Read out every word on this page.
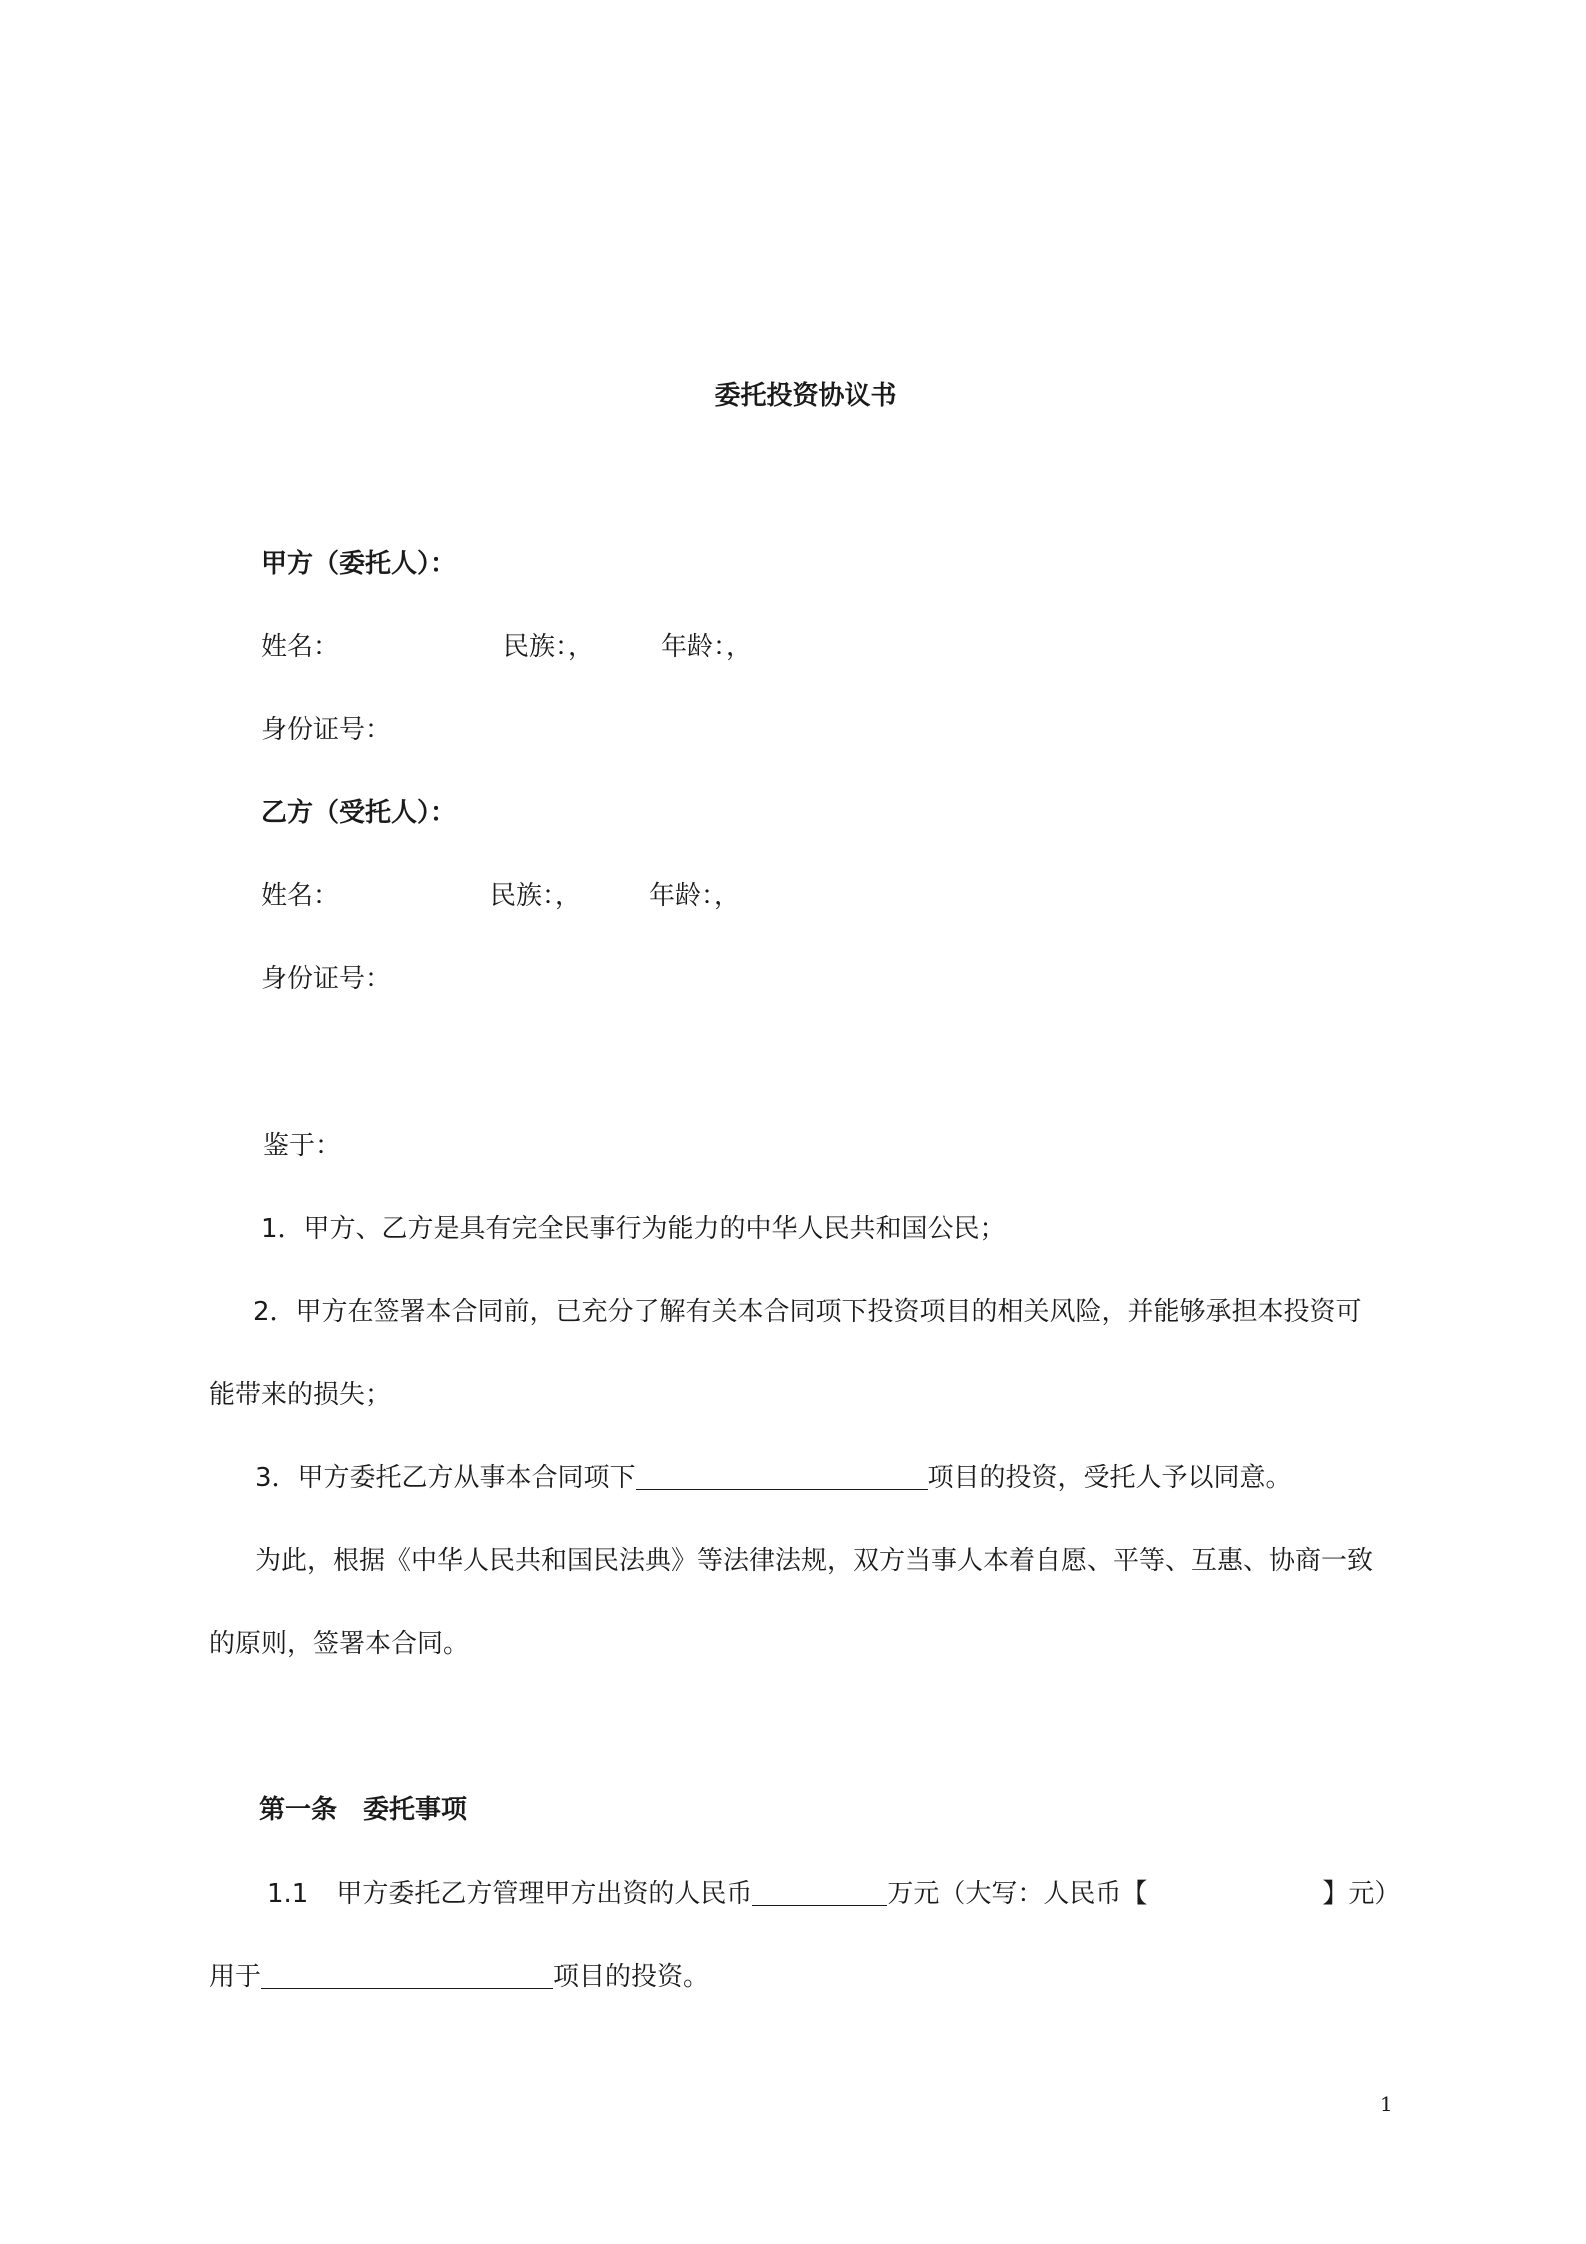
委托投资协议书
甲方（委托人）：
姓名：	民族：，	年龄：，
身份证号：
乙方（受托人）：
姓名：	民族：，	年龄：，
身份证号：
鉴于：
1．甲方、乙方是具有完全民事行为能力的中华人民共和国公民；
2．甲方在签署本合同前，已充分了解有关本合同项下投资项目的相关风险，并能够承担本投资可
能带来的损失；
3．甲方委托乙方从事本合同项下	项目的投资，受托人予以同意。
为此，根据《中华人民共和国民法典》等法律法规，双方当事人本着自愿、平等、互惠、协商一致
的原则，签署本合同。
第一条　委托事项
1.1 甲方委托乙方管理甲方出资的人民币	万元（大写：人民币【	】元）
用于	项目的投资。
1
